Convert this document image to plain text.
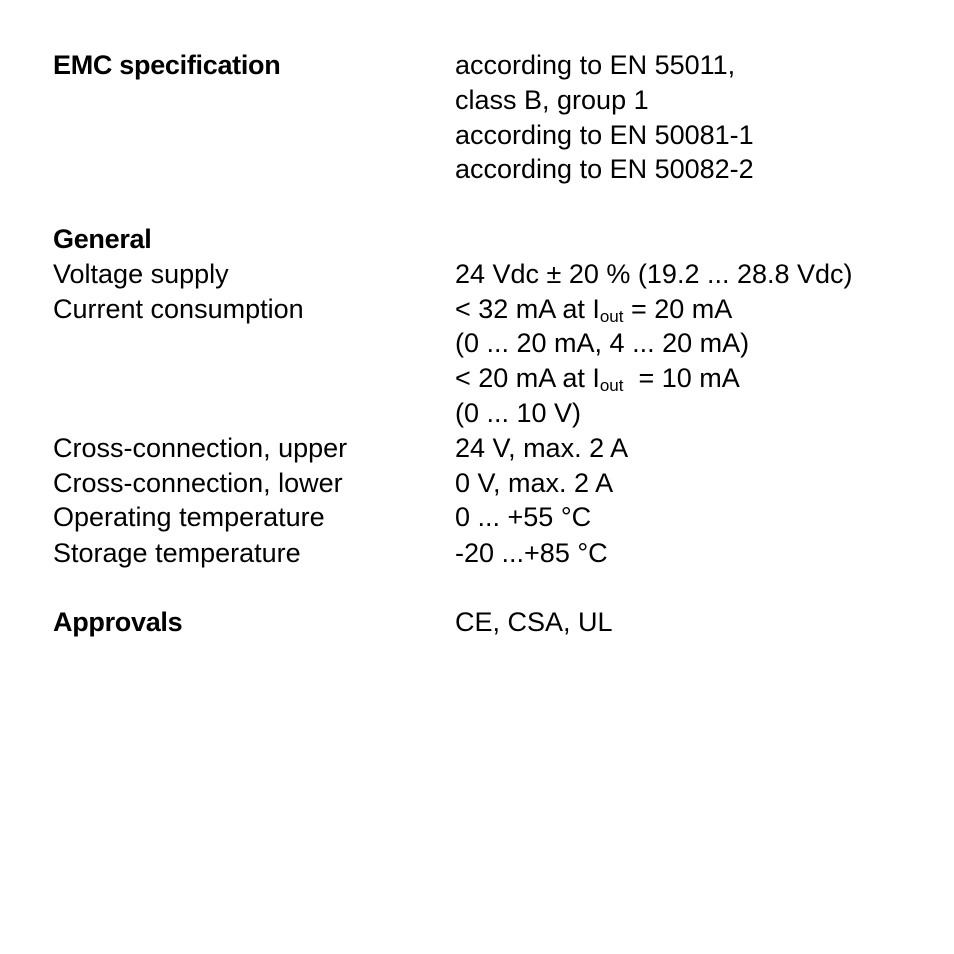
EMC specification	according to EN 55011,
class B, group 1
according to EN 50081-1
according to EN 50082-2
General
Voltage supply	24 Vdc ± 20 % (19.2 ... 28.8 Vdc)
Current consumption	< 32 mA at $I_{out} = 20$ mA
(0 ... 20 mA, 4 ... 20 mA)
< 20 mA at $I_{out} = 10$ mA
(0 ... 10 V)
Cross-connection, upper	24 V, max. 2 A
Cross-connection, lower	0 V, max. 2 A
Operating temperature	0 ... +55 °C
Storage temperature	-20 ...+85 °C
Approvals	CE, CSA, UL
